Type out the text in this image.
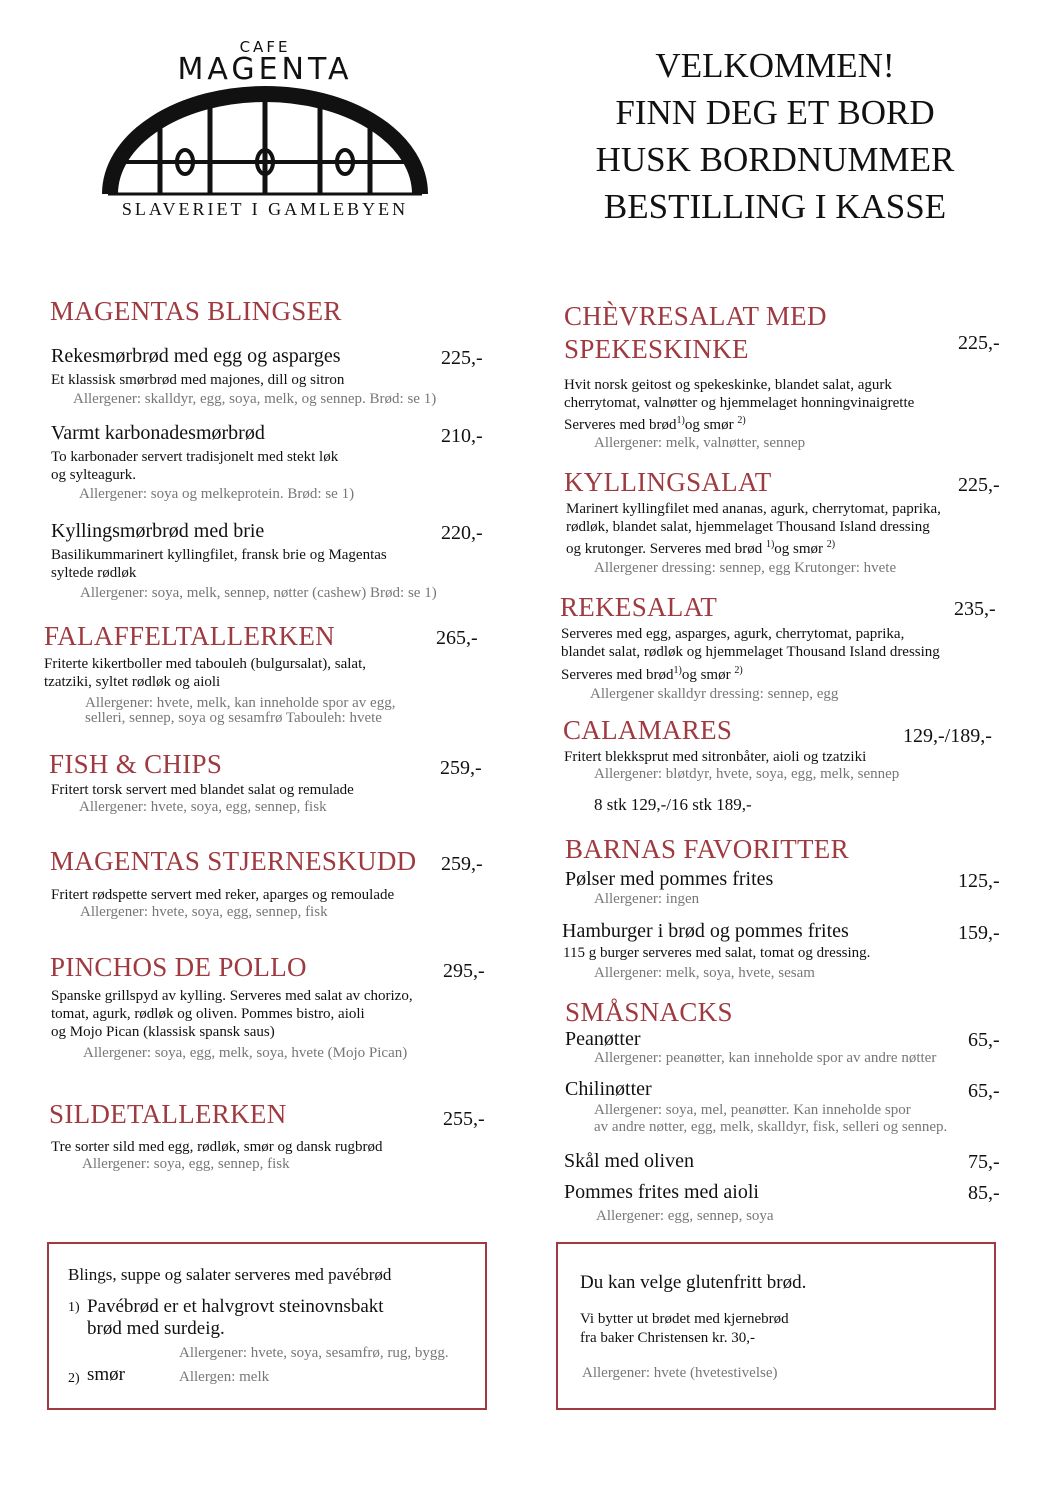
CAFE
MAGENTA
SLAVERIET I GAMLEBYEN
VELKOMMEN!
FINN DEG ET BORD
HUSK BORDNUMMER
BESTILLING I KASSE
MAGENTAS BLINGSER
Rekesmørbrød med egg og asparges	225,-
Et klassisk smørbrød med majones, dill og sitron
Allergener: skalldyr, egg, soya, melk, og sennep. Brød: se 1)
Varmt karbonadesmørbrød	210,-
To karbonader servert tradisjonelt med stekt løk
og sylteagurk.
Allergener: soya og melkeprotein. Brød: se 1)
Kyllingsmørbrød med brie	220,-
Basilikummarinert kyllingfilet, fransk brie og Magentas
syltede rødløk
Allergener: soya, melk, sennep, nøtter (cashew) Brød: se 1)
FALAFFELTALLERKEN	265,-
Friterte kikertboller med tabouleh (bulgursalat), salat,
tzatziki, syltet rødløk og aioli
Allergener: hvete, melk, kan inneholde spor av egg,
selleri, sennep, soya og sesamfrø Tabouleh: hvete
FISH & CHIPS	259,-
Fritert torsk servert med blandet salat og remulade
Allergener: hvete, soya, egg, sennep, fisk
MAGENTAS STJERNESKUDD 259,-
Fritert rødspette servert med reker, aparges og remoulade
Allergener: hvete, soya, egg, sennep, fisk
PINCHOS DE POLLO	295,-
Spanske grillspyd av kylling. Serveres med salat av chorizo,
tomat, agurk, rødløk og oliven. Pommes bistro, aioli
og Mojo Pican (klassisk spansk saus)
Allergener: soya, egg, melk, soya, hvete (Mojo Pican)
SILDETALLERKEN	255,-
Tre sorter sild med egg, rødløk, smør og dansk rugbrød
Allergener: soya, egg, sennep, fisk
CHÈVRESALAT MED
SPEKESKINKE	225,-
Hvit norsk geitost og spekeskinke, blandet salat, agurk
cherrytomat, valnøtter og hjemmelaget honningvinaigrette
Serveres med brød$^{1)}$og smør $^{2)}$
Allergener: melk, valnøtter, sennep
KYLLINGSALAT	225,-
Marinert kyllingfilet med ananas, agurk, cherrytomat, paprika,
rødløk, blandet salat, hjemmelaget Thousand Island dressing
og krutonger. Serveres med brød $^{1)}$og smør $^{2)}$
Allergener dressing: sennep, egg Krutonger: hvete
REKESALAT	235,-
Serveres med egg, asparges, agurk, cherrytomat, paprika,
blandet salat, rødløk og hjemmelaget Thousand Island dressing
Serveres med brød$^{1)}$og smør $^{2)}$
Allergener skalldyr dressing: sennep, egg
CALAMARES	129,-/189,-
Fritert blekksprut med sitronbåter, aioli og tzatziki
Allergener: bløtdyr, hvete, soya, egg, melk, sennep
8 stk 129,-/16 stk 189,-
BARNAS FAVORITTER
Pølser med pommes frites	125,-
Allergener: ingen
Hamburger i brød og pommes frites	159,-
115 g burger serveres med salat, tomat og dressing.
Allergener: melk, soya, hvete, sesam
SMÅSNACKS
Peanøtter	65,-
Allergener: peanøtter, kan inneholde spor av andre nøtter
Chilinøtter	65,-
Allergener: soya, mel, peanøtter. Kan inneholde spor
av andre nøtter, egg, melk, skalldyr, fisk, selleri og sennep.
Skål med oliven	75,-
Pommes frites med aioli	85,-
Allergener: egg, sennep, soya
Blings, suppe og salater serveres med pavébrød
1) Pavébrød er et halvgrovt steinovnsbakt
brød med surdeig.
Allergener: hvete, soya, sesamfrø, rug, bygg.
2) smør	Allergen: melk
Du kan velge glutenfritt brød.
Vi bytter ut brødet med kjernebrød
fra baker Christensen kr. 30,-
Allergener: hvete (hvetestivelse)
